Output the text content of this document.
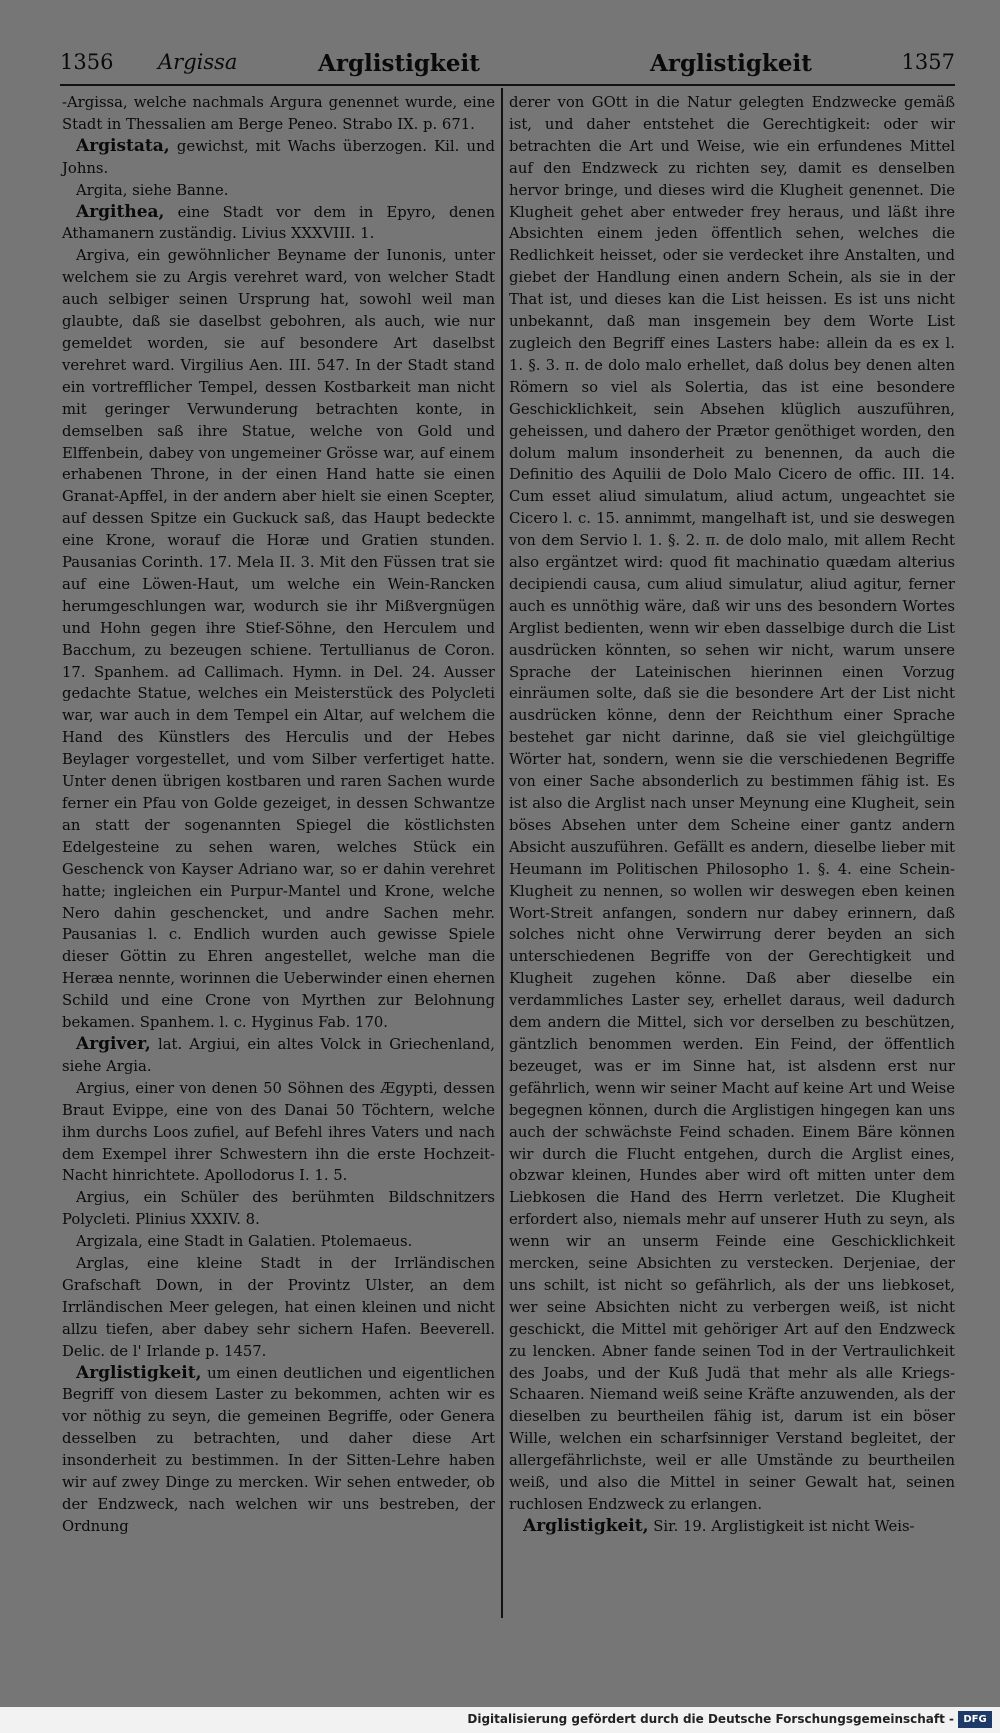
1356 Argissa	Arglistigkeit	Arglistigkeit	1357

-Argissa, welche nachmals Argura genennet wurde, eine Stadt in Thessalien am Berge Peneo. Strabo IX. p. 671.

Argistata, gewichst, mit Wachs überzogen. Kil. und Johns.

Argita, siehe Banne.

Argithea, eine Stadt vor dem in Epyro, denen Athamanern zuständig. Livius XXXVIII. 1.

Argiva, ein gewöhnlicher Beyname der Iunonis, unter welchem sie zu Argis verehret ward, von welcher Stadt auch selbiger seinen Ursprung hat, sowohl weil man glaubte, daß sie daselbst gebohren, als auch, wie nur gemeldet worden, sie auf besondere Art daselbst verehret ward. Virgilius Aen. III. 547. In der Stadt stand ein vortrefflicher Tempel, dessen Kostbarkeit man nicht mit geringer Verwunderung betrachten konte, in demselben saß ihre Statue, welche von Gold und Elffenbein, dabey von ungemeiner Grösse war, auf einem erhabenen Throne, in der einen Hand hatte sie einen Granat-Apffel, in der andern aber hielt sie einen Scepter, auf dessen Spitze ein Guckuck saß, das Haupt bedeckte eine Krone, worauf die Horæ und Gratien stunden. Pausanias Corinth. 17. Mela II. 3. Mit den Füssen trat sie auf eine Löwen-Haut, um welche ein Wein-Rancken herumgeschlungen war, wodurch sie ihr Mißvergnügen und Hohn gegen ihre Stief-Söhne, den Herculem und Bacchum, zu bezeugen schiene. Tertullianus de Coron. 17. Spanhem. ad Callimach. Hymn. in Del. 24. Ausser gedachte Statue, welches ein Meisterstück des Polycleti war, war auch in dem Tempel ein Altar, auf welchem die Hand des Künstlers des Herculis und der Hebes Beylager vorgestellet, und vom Silber verfertiget hatte. Unter denen übrigen kostbaren und raren Sachen wurde ferner ein Pfau von Golde gezeiget, in dessen Schwantze an statt der sogenannten Spiegel die köstlichsten Edelgesteine zu sehen waren, welches Stück ein Geschenck von Kayser Adriano war, so er dahin verehret hatte; ingleichen ein Purpur-Mantel und Krone, welche Nero dahin geschencket, und andre Sachen mehr. Pausanias l. c. Endlich wurden auch gewisse Spiele dieser Göttin zu Ehren angestellet, welche man die Heræa nennte, worinnen die Ueberwinder einen ehernen Schild und eine Crone von Myrthen zur Belohnung bekamen. Spanhem. l. c. Hyginus Fab. 170.

Argiver, lat. Argiui, ein altes Volck in Griechenland, siehe Argia.

Argius, einer von denen 50 Söhnen des Ægypti, dessen Braut Evippe, eine von des Danai 50 Töchtern, welche ihm durchs Loos zufiel, auf Befehl ihres Vaters und nach dem Exempel ihrer Schwestern ihn die erste Hochzeit-Nacht hinrichtete. Apollodorus I. 1. 5.

Argius, ein Schüler des berühmten Bildschnitzers Polycleti. Plinius XXXIV. 8.

Argizala, eine Stadt in Galatien. Ptolemaeus.

Arglas, eine kleine Stadt in der Irrländischen Grafschaft Down, in der Provintz Ulster, an dem Irrländischen Meer gelegen, hat einen kleinen und nicht allzu tiefen, aber dabey sehr sichern Hafen. Beeverell. Delic. de l' Irlande p. 1457.

Arglistigkeit, um einen deutlichen und eigentlichen Begriff von diesem Laster zu bekommen, achten wir es vor nöthig zu seyn, die gemeinen Begriffe, oder Genera desselben zu betrachten, und daher diese Art insonderheit zu bestimmen. In der Sitten-Lehre haben wir auf zwey Dinge zu mercken. Wir sehen entweder, ob der Endzweck, nach welchen wir uns bestreben, der Ordnung

derer von GOtt in die Natur gelegten Endzwecke gemäß ist, und daher entstehet die Gerechtigkeit: oder wir betrachten die Art und Weise, wie ein erfundenes Mittel auf den Endzweck zu richten sey, damit es denselben hervor bringe, und dieses wird die Klugheit genennet. Die Klugheit gehet aber entweder frey heraus, und läßt ihre Absichten einem jeden öffentlich sehen, welches die Redlichkeit heisset, oder sie verdecket ihre Anstalten, und giebet der Handlung einen andern Schein, als sie in der That ist, und dieses kan die List heissen. Es ist uns nicht unbekannt, daß man insgemein bey dem Worte List zugleich den Begriff eines Lasters habe: allein da es ex l. 1. §. 3. π. de dolo malo erhellet, daß dolus bey denen alten Römern so viel als Solertia, das ist eine besondere Geschicklichkeit, sein Absehen klüglich auszuführen, geheissen, und dahero der Prætor genöthiget worden, den dolum malum insonderheit zu benennen, da auch die Definitio des Aquilii de Dolo Malo Cicero de offic. III. 14. Cum esset aliud simulatum, aliud actum, ungeachtet sie Cicero l. c. 15. annimmt, mangelhaft ist, und sie deswegen von dem Servio l. 1. §. 2. π. de dolo malo, mit allem Recht also ergäntzet wird: quod fit machinatio quædam alterius decipiendi causa, cum aliud simulatur, aliud agitur, ferner auch es unnöthig wäre, daß wir uns des besondern Wortes Arglist bedienten, wenn wir eben dasselbige durch die List ausdrücken könnten, so sehen wir nicht, warum unsere Sprache der Lateinischen hierinnen einen Vorzug einräumen solte, daß sie die besondere Art der List nicht ausdrücken könne, denn der Reichthum einer Sprache bestehet gar nicht darinne, daß sie viel gleichgültige Wörter hat, sondern, wenn sie die verschiedenen Begriffe von einer Sache absonderlich zu bestimmen fähig ist. Es ist also die Arglist nach unser Meynung eine Klugheit, sein böses Absehen unter dem Scheine einer gantz andern Absicht auszuführen. Gefällt es andern, dieselbe lieber mit Heumann im Politischen Philosopho 1. §. 4. eine Schein-Klugheit zu nennen, so wollen wir deswegen eben keinen Wort-Streit anfangen, sondern nur dabey erinnern, daß solches nicht ohne Verwirrung derer beyden an sich unterschiedenen Begriffe von der Gerechtigkeit und Klugheit zugehen könne. Daß aber dieselbe ein verdammliches Laster sey, erhellet daraus, weil dadurch dem andern die Mittel, sich vor derselben zu beschützen, gäntzlich benommen werden. Ein Feind, der öffentlich bezeuget, was er im Sinne hat, ist alsdenn erst nur gefährlich, wenn wir seiner Macht auf keine Art und Weise begegnen können, durch die Arglistigen hingegen kan uns auch der schwächste Feind schaden. Einem Bäre können wir durch die Flucht entgehen, durch die Arglist eines, obzwar kleinen, Hundes aber wird oft mitten unter dem Liebkosen die Hand des Herrn verletzet. Die Klugheit erfordert also, niemals mehr auf unserer Huth zu seyn, als wenn wir an unserm Feinde eine Geschicklichkeit mercken, seine Absichten zu verstecken. Derjeniae, der uns schilt, ist nicht so gefährlich, als der uns liebkoset, wer seine Absichten nicht zu verbergen weiß, ist nicht geschickt, die Mittel mit gehöriger Art auf den Endzweck zu lencken. Abner fande seinen Tod in der Vertraulichkeit des Joabs, und der Kuß Judä that mehr als alle Kriegs-Schaaren. Niemand weiß seine Kräfte anzuwenden, als der dieselben zu beurtheilen fähig ist, darum ist ein böser Wille, welchen ein scharfsinniger Verstand begleitet, der allergefährlichste, weil er alle Umstände zu beurtheilen weiß, und also die Mittel in seiner Gewalt hat, seinen ruchlosen Endzweck zu erlangen.

Arglistigkeit, Sir. 19. Arglistigkeit ist nicht Weis-

Digitalisierung gefördert durch die Deutsche Forschungsgemeinschaft - DFG
